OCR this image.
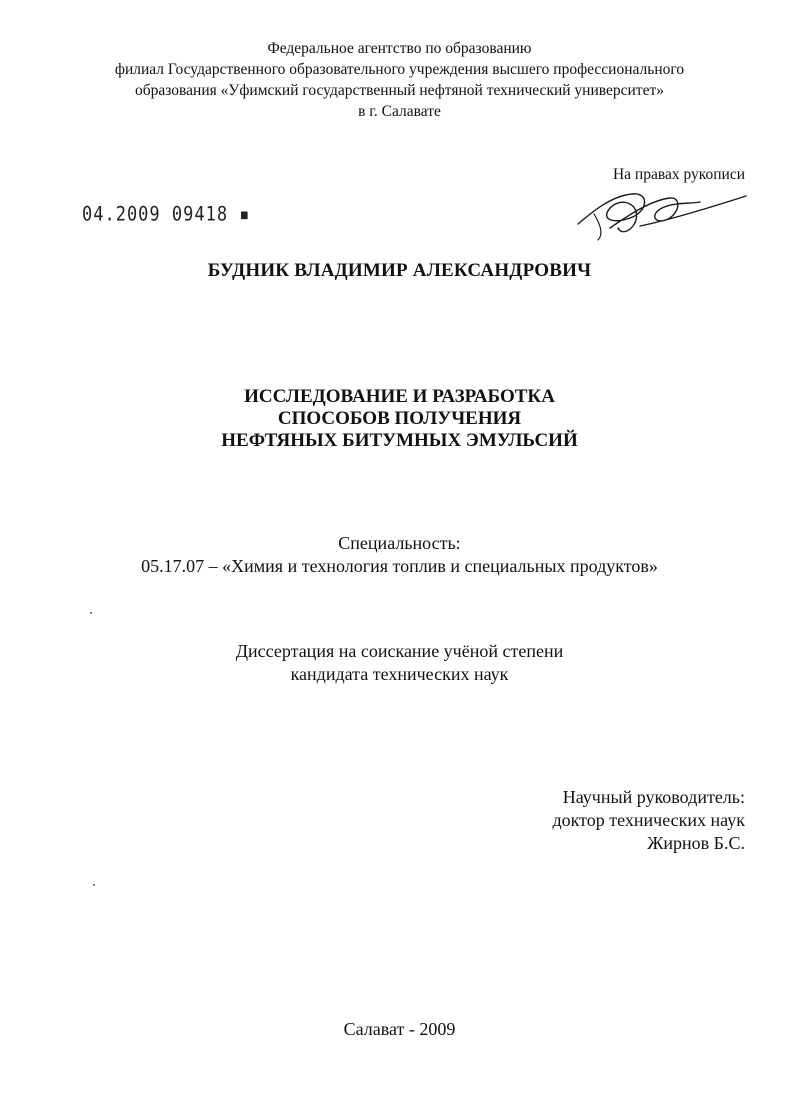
Федеральное агентство по образованию
филиал Государственного образовательного учреждения высшего профессионального
образования «Уфимский государственный нефтяной технический университет»
в г. Салавате
На правах рукописи
04.2009 09418 ▪
БУДНИК ВЛАДИМИР АЛЕКСАНДРОВИЧ
ИССЛЕДОВАНИЕ И РАЗРАБОТКА
СПОСОБОВ ПОЛУЧЕНИЯ
НЕФТЯНЫХ БИТУМНЫХ ЭМУЛЬСИЙ
Специальность:
05.17.07 – «Химия и технология топлив и специальных продуктов»
Диссертация на соискание учёной степени
кандидата технических наук
Научный руководитель:
доктор технических наук
Жирнов Б.С.
Салават - 2009
